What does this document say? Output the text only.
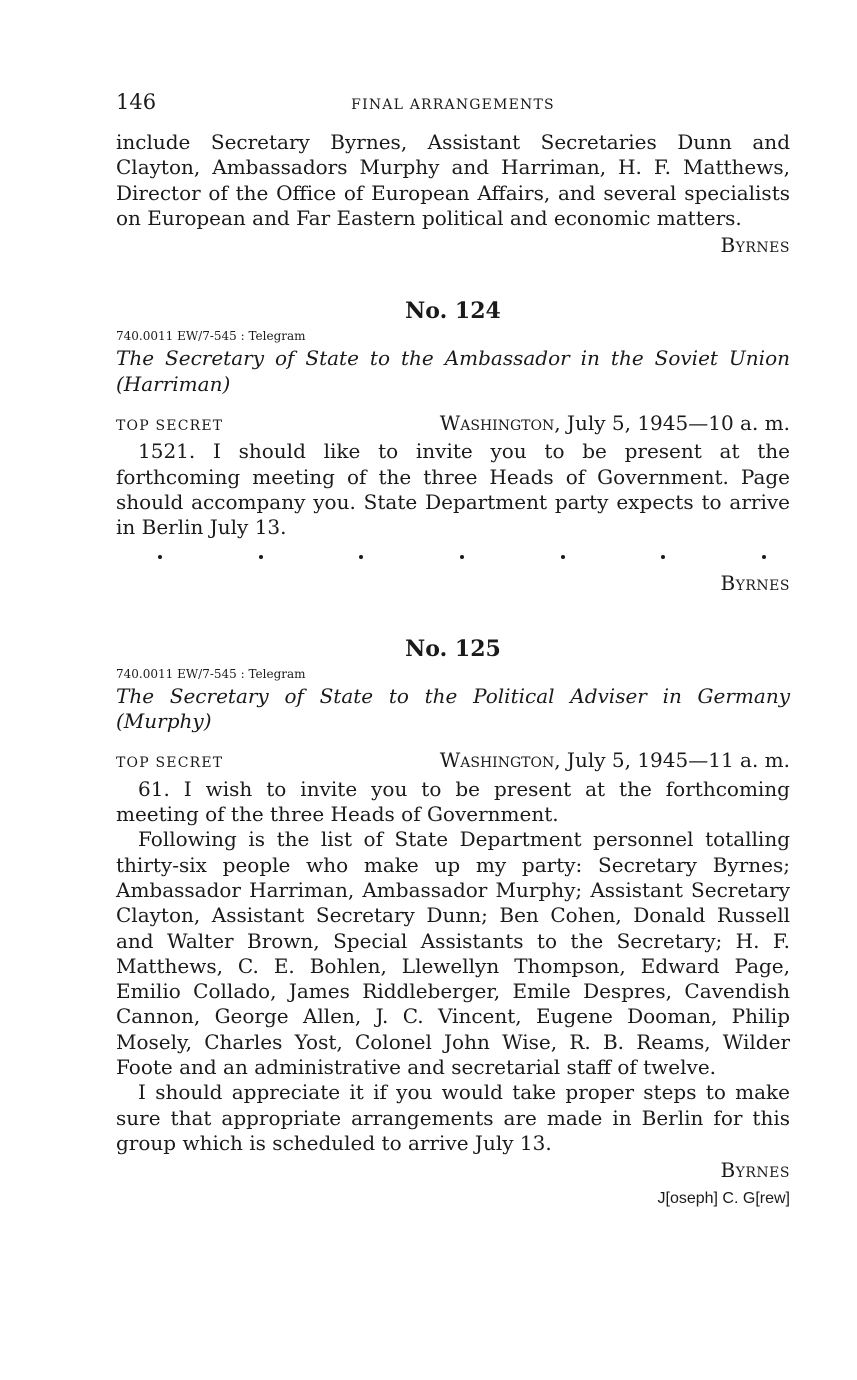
146	FINAL ARRANGEMENTS

include Secretary Byrnes, Assistant Secretaries Dunn and Clayton, Ambassadors Murphy and Harriman, H. F. Matthews, Director of the Office of European Affairs, and several specialists on European and Far Eastern political and economic matters.

Byrnes
No. 124
740.0011 EW/7-545 : Telegram
The Secretary of State to the Ambassador in the Soviet Union (Harriman)
TOP SECRET	Washington, July 5, 1945—10 a. m.

1521. I should like to invite you to be present at the forthcoming meeting of the three Heads of Government. Page should accompany you. State Department party expects to arrive in Berlin July 13.

Byrnes
No. 125
740.0011 EW/7-545 : Telegram
The Secretary of State to the Political Adviser in Germany (Murphy)
TOP SECRET	Washington, July 5, 1945—11 a. m.

61. I wish to invite you to be present at the forthcoming meeting of the three Heads of Government.

Following is the list of State Department personnel totalling thirty-six people who make up my party: Secretary Byrnes; Ambassador Harriman, Ambassador Murphy; Assistant Secretary Clayton, Assistant Secretary Dunn; Ben Cohen, Donald Russell and Walter Brown, Special Assistants to the Secretary; H. F. Matthews, C. E. Bohlen, Llewellyn Thompson, Edward Page, Emilio Collado, James Riddleberger, Emile Despres, Cavendish Cannon, George Allen, J. C. Vincent, Eugene Dooman, Philip Mosely, Charles Yost, Colonel John Wise, R. B. Reams, Wilder Foote and an administrative and secretarial staff of twelve.

I should appreciate it if you would take proper steps to make sure that appropriate arrangements are made in Berlin for this group which is scheduled to arrive July 13.

Byrnes
J[oseph] C. G[rew]
